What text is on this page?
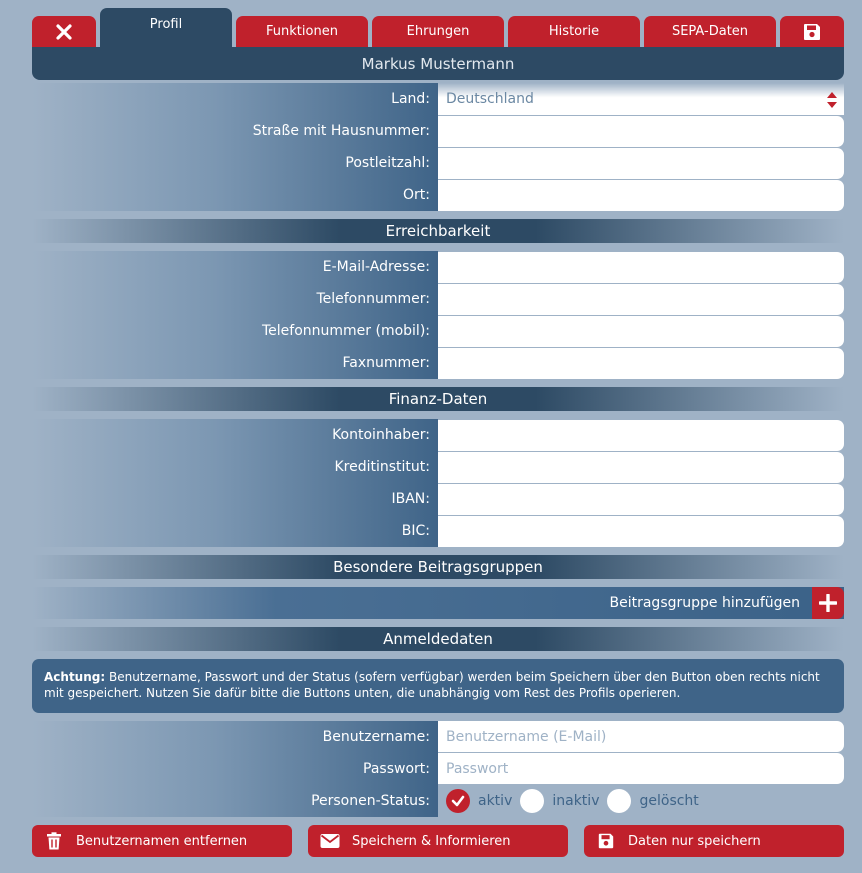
Profil	Funktionen	Ehrungen	Historie	SEPA-Daten
Markus Mustermann
Land: Deutschland
Straße mit Hausnummer:
Postleitzahl:
Ort:
Erreichbarkeit
E-Mail-Adresse:
Telefonnummer:
Telefonnummer (mobil):
Faxnummer:
Finanz-Daten
Kontoinhaber:
Kreditinstitut:
IBAN:
BIC:
Besondere Beitragsgruppen
Beitragsgruppe hinzufügen
Anmeldedaten
Achtung: Benutzername, Passwort und der Status (sofern verfügbar) werden beim Speichern über den Button oben rechts nicht mit gespeichert. Nutzen Sie dafür bitte die Buttons unten, die unabhängig vom Rest des Profils operieren.
Benutzername:
Benutzername (E-Mail)
Passwort:
Personen-Status:	aktiv	inaktiv	gelöscht
Benutzernamen entfernen	Speichern & Informieren	Daten nur speichern
